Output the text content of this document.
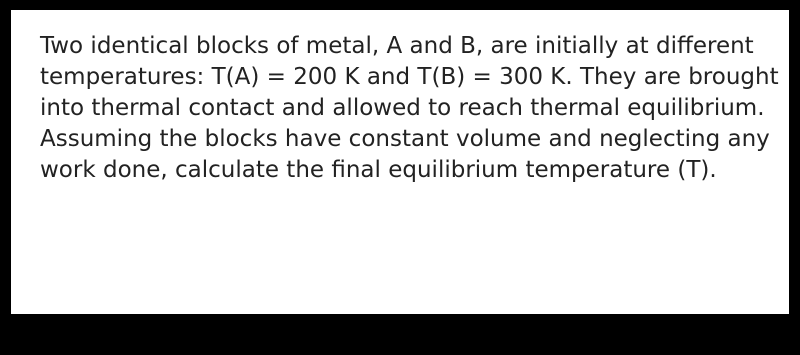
Two identical blocks of metal, A and B, are initially at different
temperatures: T(A) = 200 K and T(B) = 300 K. They are brought
into thermal contact and allowed to reach thermal equilibrium.
Assuming the blocks have constant volume and neglecting any
work done, calculate the final equilibrium temperature (T).
